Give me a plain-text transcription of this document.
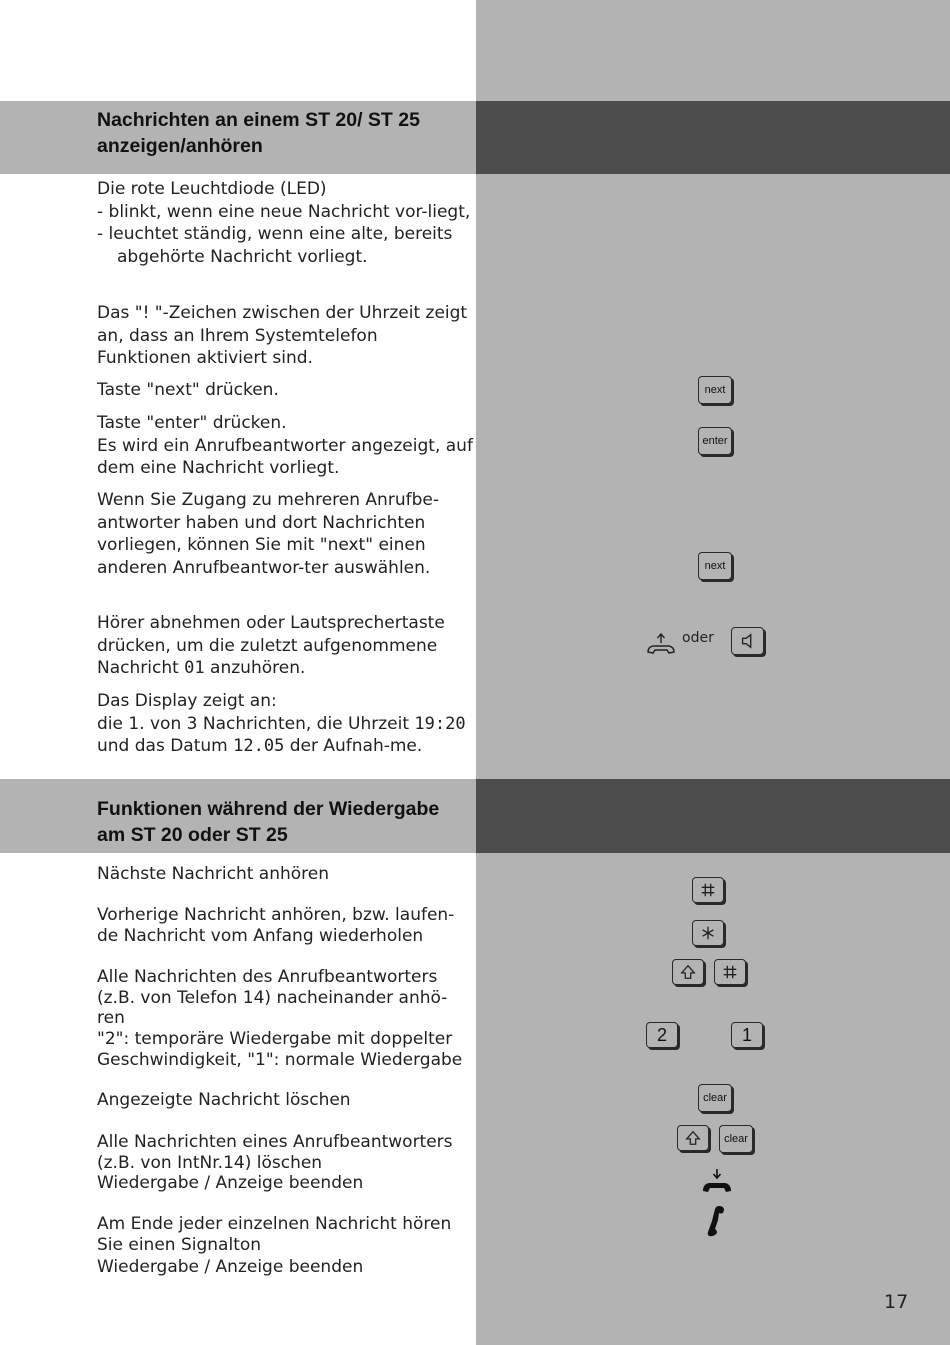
Nachrichten an einem ST 20/ ST 25
anzeigen/anhören

Die rote Leuchtdiode (LED)

- blinkt, wenn eine neue Nachricht vor-liegt,

- leuchtet ständig, wenn eine alte, bereits abgehörte Nachricht vorliegt.

Das "! "-Zeichen zwischen der Uhrzeit zeigt an, dass an Ihrem Systemtelefon Funktionen aktiviert sind.

Taste "next" drücken.

Taste "enter" drücken.

Es wird ein Anrufbeantworter angezeigt, auf dem eine Nachricht vorliegt.

Wenn Sie Zugang zu mehreren Anrufbe-antworter haben und dort Nachrichten vorliegen, können Sie mit "next" einen anderen Anrufbeantwor-ter auswählen.

Hörer abnehmen oder Lautsprechertaste drücken, um die zuletzt aufgenommene Nachricht 01 anzuhören.

Das Display zeigt an:

die 1. von 3 Nachrichten, die Uhrzeit 19:20 und das Datum 12.05 der Aufnah-me.

next
enter
next
oder
Funktionen während der Wiedergabe
am ST 20 oder ST 25

Nächste Nachricht anhören

Vorherige Nachricht anhören, bzw. laufen-de Nachricht vom Anfang wiederholen

Alle Nachrichten des Anrufbeantworters (z.B. von Telefon 14) nacheinander anhö-ren

"2": temporäre Wiedergabe mit doppelter Geschwindigkeit, "1": normale Wiedergabe

Angezeigte Nachricht löschen

Alle Nachrichten eines Anrufbeantworters (z.B. von IntNr.14) löschen

Wiedergabe / Anzeige beenden

Am Ende jeder einzelnen Nachricht hören Sie einen Signalton

Wiedergabe / Anzeige beenden

2	1
clear
clear
17
